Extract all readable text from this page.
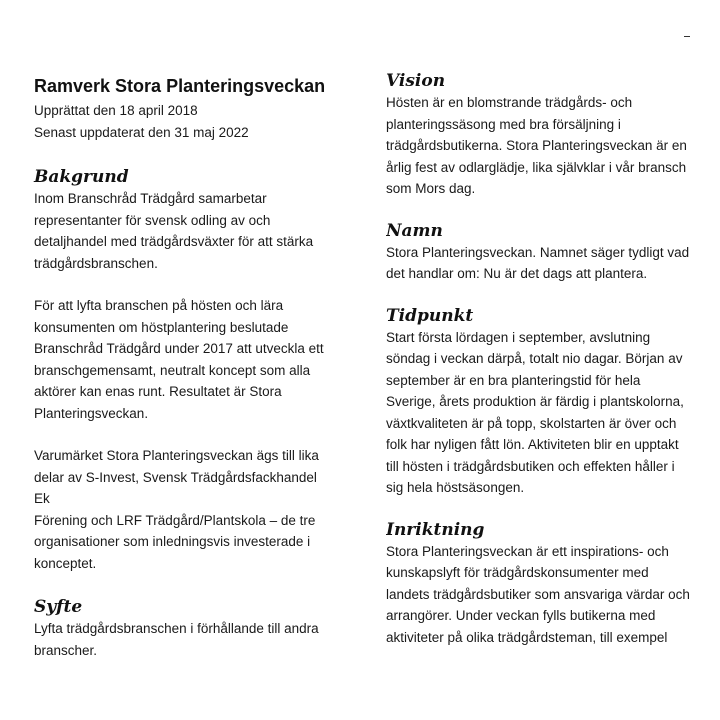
Ramverk Stora Planteringsveckan

Upprättat den 18 april 2018

Senast uppdaterat den 31 maj 2022

Bakgrund

Inom Branschråd Trädgård samarbetar
representanter för svensk odling av och
detaljhandel med trädgårdsväxter för att stärka
trädgårdsbranschen.

För att lyfta branschen på hösten och lära
konsumenten om höstplantering beslutade
Branschråd Trädgård under 2017 att utveckla ett
branschgemensamt, neutralt koncept som alla
aktörer kan enas runt. Resultatet är Stora
Planteringsveckan.

Varumärket Stora Planteringsveckan ägs till lika
delar av S-Invest, Svensk Trädgårdsfackhandel Ek
Förening och LRF Trädgård/Plantskola – de tre
organisationer som inledningsvis investerade i
konceptet.

Syfte

Lyfta trädgårdsbranschen i förhållande till andra
branscher.

Vision

Hösten är en blomstrande trädgårds- och
planteringssäsong med bra försäljning i
trädgårdsbutikerna. Stora Planteringsveckan är en
årlig fest av odlarglädje, lika självklar i vår bransch
som Mors dag.

Namn

Stora Planteringsveckan. Namnet säger tydligt vad
det handlar om: Nu är det dags att plantera.

Tidpunkt

Start första lördagen i september, avslutning
söndag i veckan därpå, totalt nio dagar. Början av
september är en bra planteringstid för hela
Sverige, årets produktion är färdig i plantskolorna,
växtkvaliteten är på topp, skolstarten är över och
folk har nyligen fått lön. Aktiviteten blir en upptakt
till hösten i trädgårdsbutiken och effekten håller i
sig hela höstsäsongen.

Inriktning

Stora Planteringsveckan är ett inspirations- och
kunskapslyft för trädgårdskonsumenter med
landets trädgårdsbutiker som ansvariga värdar och
arrangörer. Under veckan fylls butikerna med
aktiviteter på olika trädgårdsteman, till exempel
